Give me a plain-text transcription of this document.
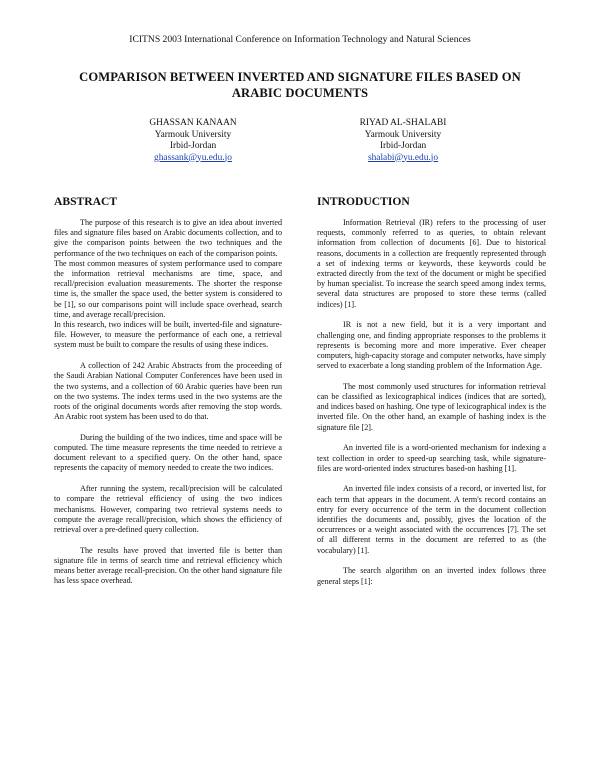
ICITNS 2003 International Conference on Information Technology and Natural Sciences
COMPARISON BETWEEN INVERTED AND SIGNATURE FILES BASED ON
ARABIC DOCUMENTS
GHASSAN KANAAN
Yarmouk University
Irbid-Jordan
ghassank@yu.edu.jo
RIYAD AL-SHALABI
Yarmouk University
Irbid-Jordan
shalabi@yu.edu.jo
ABSTRACT

The purpose of this research is to give an idea about inverted files and signature files based on Arabic documents collection, and to give the comparison points between the two techniques and the performance of the two techniques on each of the comparison points.

The most common measures of system performance used to compare the information retrieval mechanisms are time, space, and recall/precision evaluation measurements. The shorter the response time is, the smaller the space used, the better system is considered to be [1], so our comparisons point will include space overhead, search time, and average recall/precision.

In this research, two indices will be built, inverted-file and signature-file. However, to measure the performance of each one, a retrieval system must be built to compare the results of using these indices.

A collection of 242 Arabic Abstracts from the proceeding of the Saudi Arabian National Computer Conferences have been used in the two systems, and a collection of 60 Arabic queries have been run on the two systems. The index terms used in the two systems are the roots of the original documents words after removing the stop words. An Arabic root system has been used to do that.

During the building of the two indices, time and space will be computed. The time measure represents the time needed to retrieve a document relevant to a specified query. On the other hand, space represents the capacity of memory needed to create the two indices.

After running the system, recall/precision will be calculated to compare the retrieval efficiency of using the two indices mechanisms. However, comparing two retrieval systems needs to compute the average recall/precision, which shows the efficiency of retrieval over a pre-defined query collection.

The results have proved that inverted file is better than signature file in terms of search time and retrieval efficiency which means better average recall-precision. On the other hand signature file has less space overhead.

INTRODUCTION

Information Retrieval (IR) refers to the processing of user requests, commonly referred to as queries, to obtain relevant information from collection of documents [6]. Due to historical reasons, documents in a collection are frequently represented through a set of indexing terms or keywords, these keywords could be extracted directly from the text of the document or might be specified by human specialist. To increase the search speed among index terms, several data structures are proposed to store these terms (called indices) [1].

IR is not a new field, but it is a very important and challenging one, and finding appropriate responses to the problems it represents is becoming more and more imperative. Ever cheaper computers, high-capacity storage and computer networks, have simply served to exacerbate a long standing problem of the Information Age.

The most commonly used structures for information retrieval can be classified as lexicographical indices (indices that are sorted), and indices based on hashing. One type of lexicographical index is the inverted file. On the other hand, an example of hashing index is the signature file [2].

An inverted file is a word-oriented mechanism for indexing a text collection in order to speed-up searching task, while signature-files are word-oriented index structures based-on hashing [1].

An inverted file index consists of a record, or inverted list, for each term that appears in the document. A term's record contains an entry for every occurrence of the term in the document collection identifies the documents and, possibly, gives the location of the occurrences or a weight associated with the occurrences [7]. The set of all different terms in the document are referred to as (the vocabulary) [1].

The search algorithm on an inverted index follows three general steps [1]:
